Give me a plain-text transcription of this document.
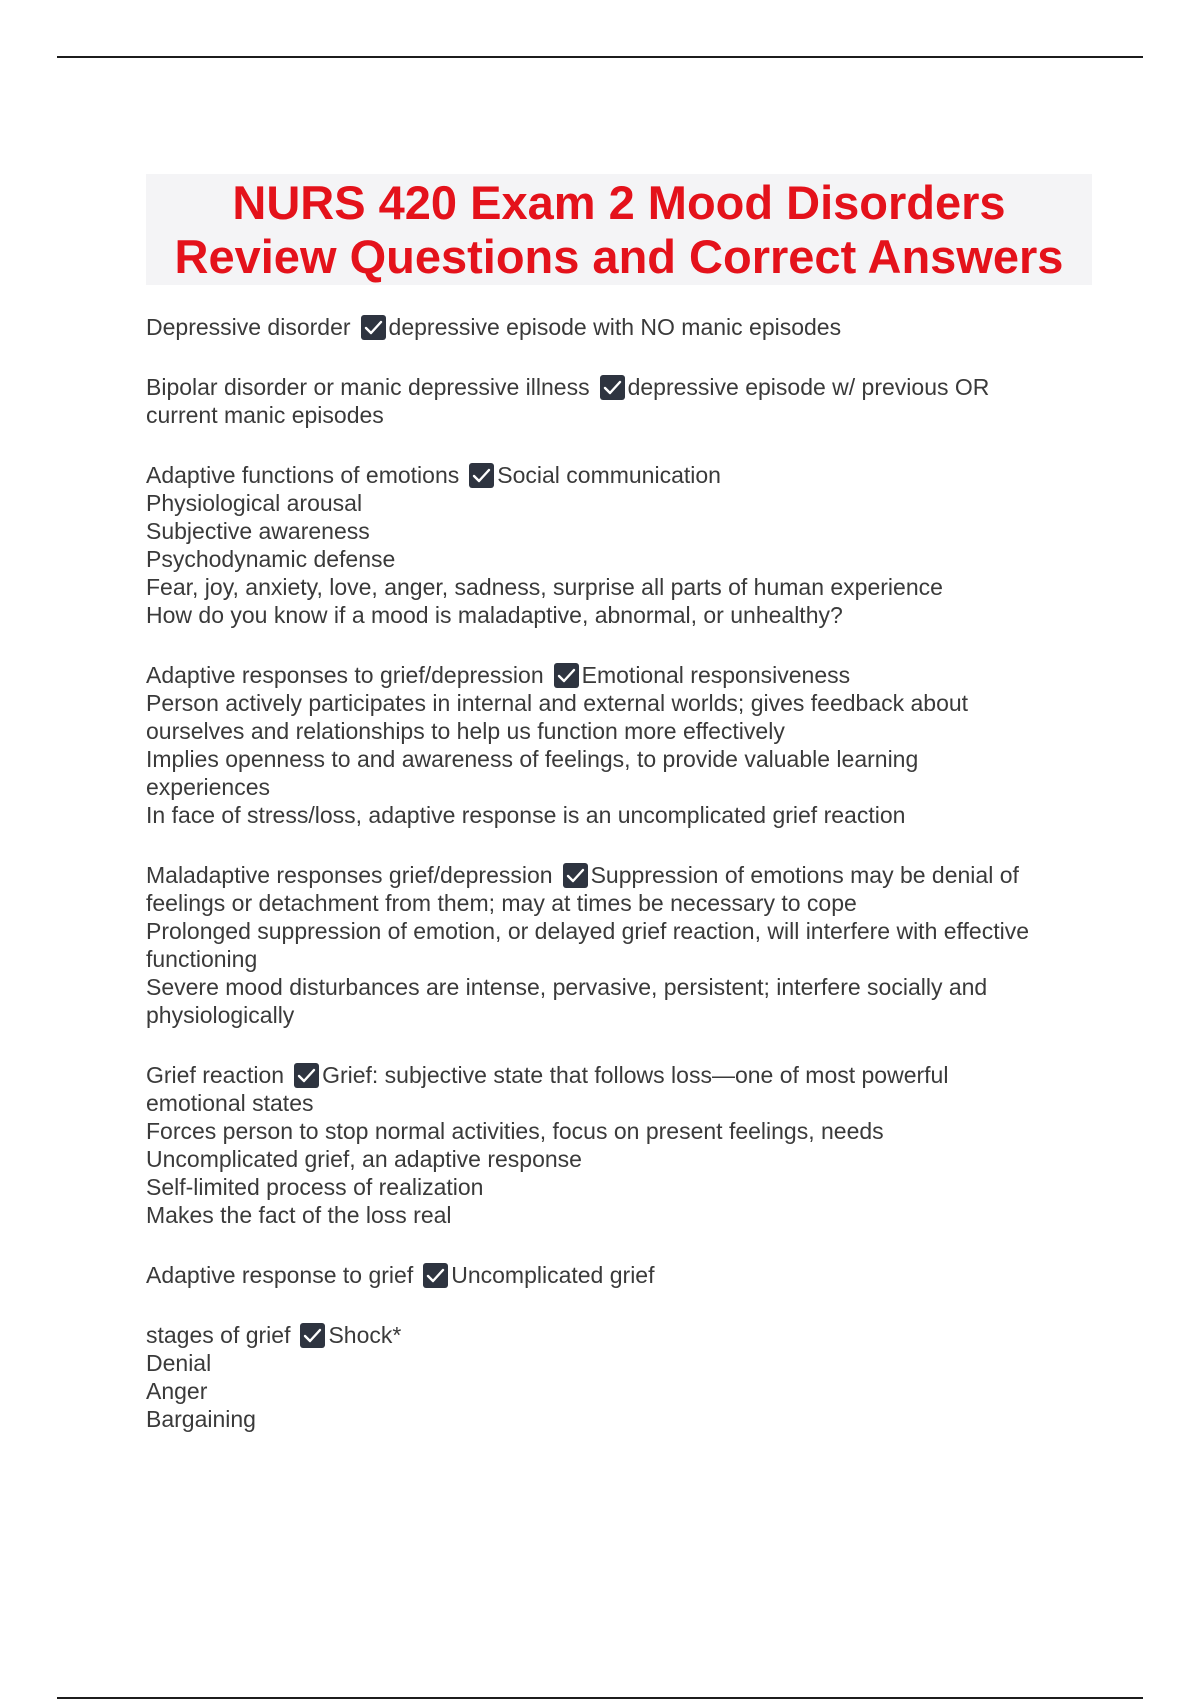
NURS 420 Exam 2 Mood Disorders
Review Questions and Correct Answers
Depressive disorder depressive episode with NO manic episodes
Bipolar disorder or manic depressive illness depressive episode w/ previous OR
current manic episodes
Adaptive functions of emotions Social communication
Physiological arousal
Subjective awareness
Psychodynamic defense
Fear, joy, anxiety, love, anger, sadness, surprise all parts of human experience
How do you know if a mood is maladaptive, abnormal, or unhealthy?
Adaptive responses to grief/depression Emotional responsiveness
Person actively participates in internal and external worlds; gives feedback about
ourselves and relationships to help us function more effectively
Implies openness to and awareness of feelings, to provide valuable learning
experiences
In face of stress/loss, adaptive response is an uncomplicated grief reaction
Maladaptive responses grief/depression Suppression of emotions may be denial of
feelings or detachment from them; may at times be necessary to cope
Prolonged suppression of emotion, or delayed grief reaction, will interfere with effective
functioning
Severe mood disturbances are intense, pervasive, persistent; interfere socially and
physiologically
Grief reaction Grief: subjective state that follows loss—one of most powerful
emotional states
Forces person to stop normal activities, focus on present feelings, needs
Uncomplicated grief, an adaptive response
Self-limited process of realization
Makes the fact of the loss real
Adaptive response to grief Uncomplicated grief
stages of grief Shock*
Denial
Anger
Bargaining
